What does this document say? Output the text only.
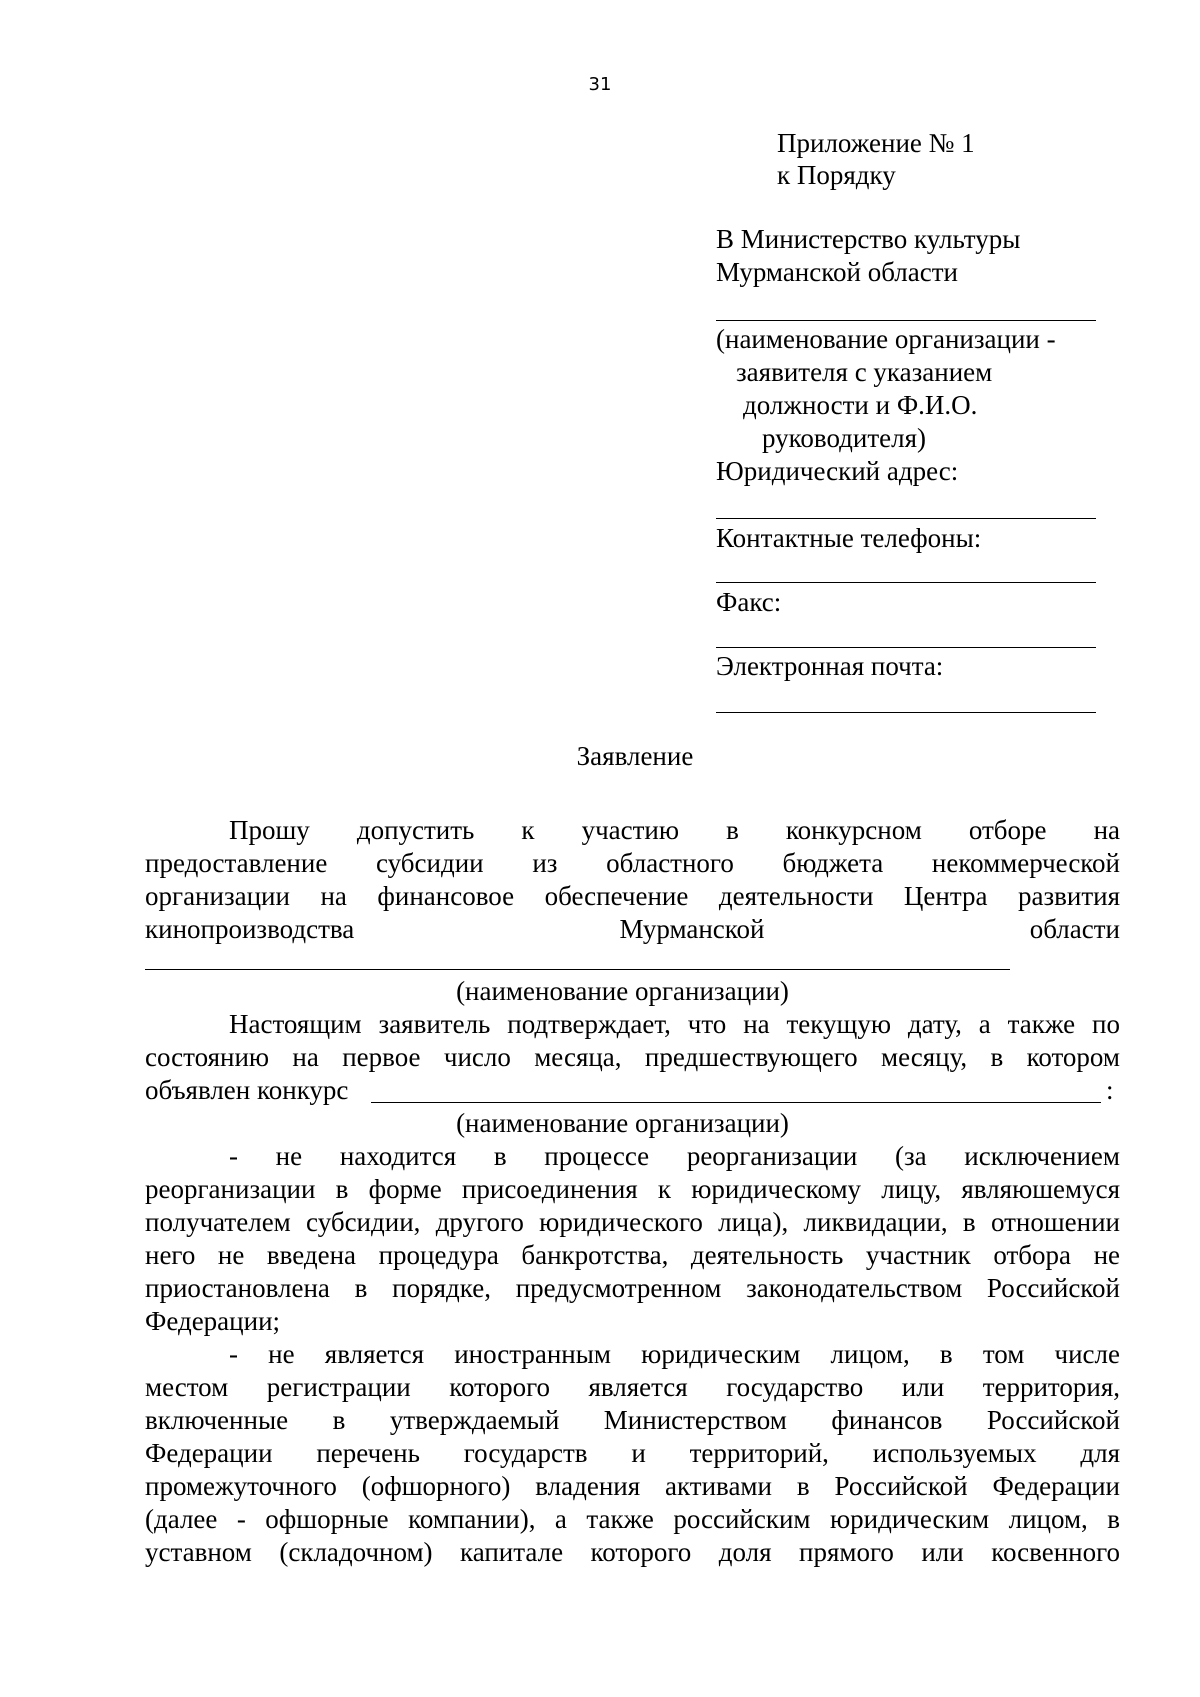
31
Приложение № 1
к Порядку
В Министерство культуры
Мурманской области
(наименование организации -
заявителя с указанием
должности и Ф.И.О.
руководителя)
Юридический адрес:
Контактные телефоны:
Факс:
Электронная почта:
Заявление
Прошу допустить к участию в конкурсном отборе на
предоставление субсидии из областного бюджета некоммерческой
организации на финансовое обеспечение деятельности Центра развития
кинопроизводства Мурманской области
(наименование организации)
Настоящим заявитель подтверждает, что на текущую дату, а также по
состоянию на первое число месяца, предшествующего месяцу, в котором
объявлен конкурс	:
(наименование организации)
- не находится в процессе реорганизации (за исключением
реорганизации в форме присоединения к юридическому лицу, являюшемуся
получателем субсидии, другого юридического лица), ликвидации, в отношении
него не введена процедура банкротства, деятельность участник отбора не
приостановлена в порядке, предусмотренном законодательством Российской
Федерации;
- не является иностранным юридическим лицом, в том числе
местом регистрации которого является государство или территория,
включенные в утверждаемый Министерством финансов Российской
Федерации перечень государств и территорий, используемых для
промежуточного (офшорного) владения активами в Российской Федерации
(далее - офшорные компании), а также российским юридическим лицом, в
уставном (складочном) капитале которого доля прямого или косвенного
